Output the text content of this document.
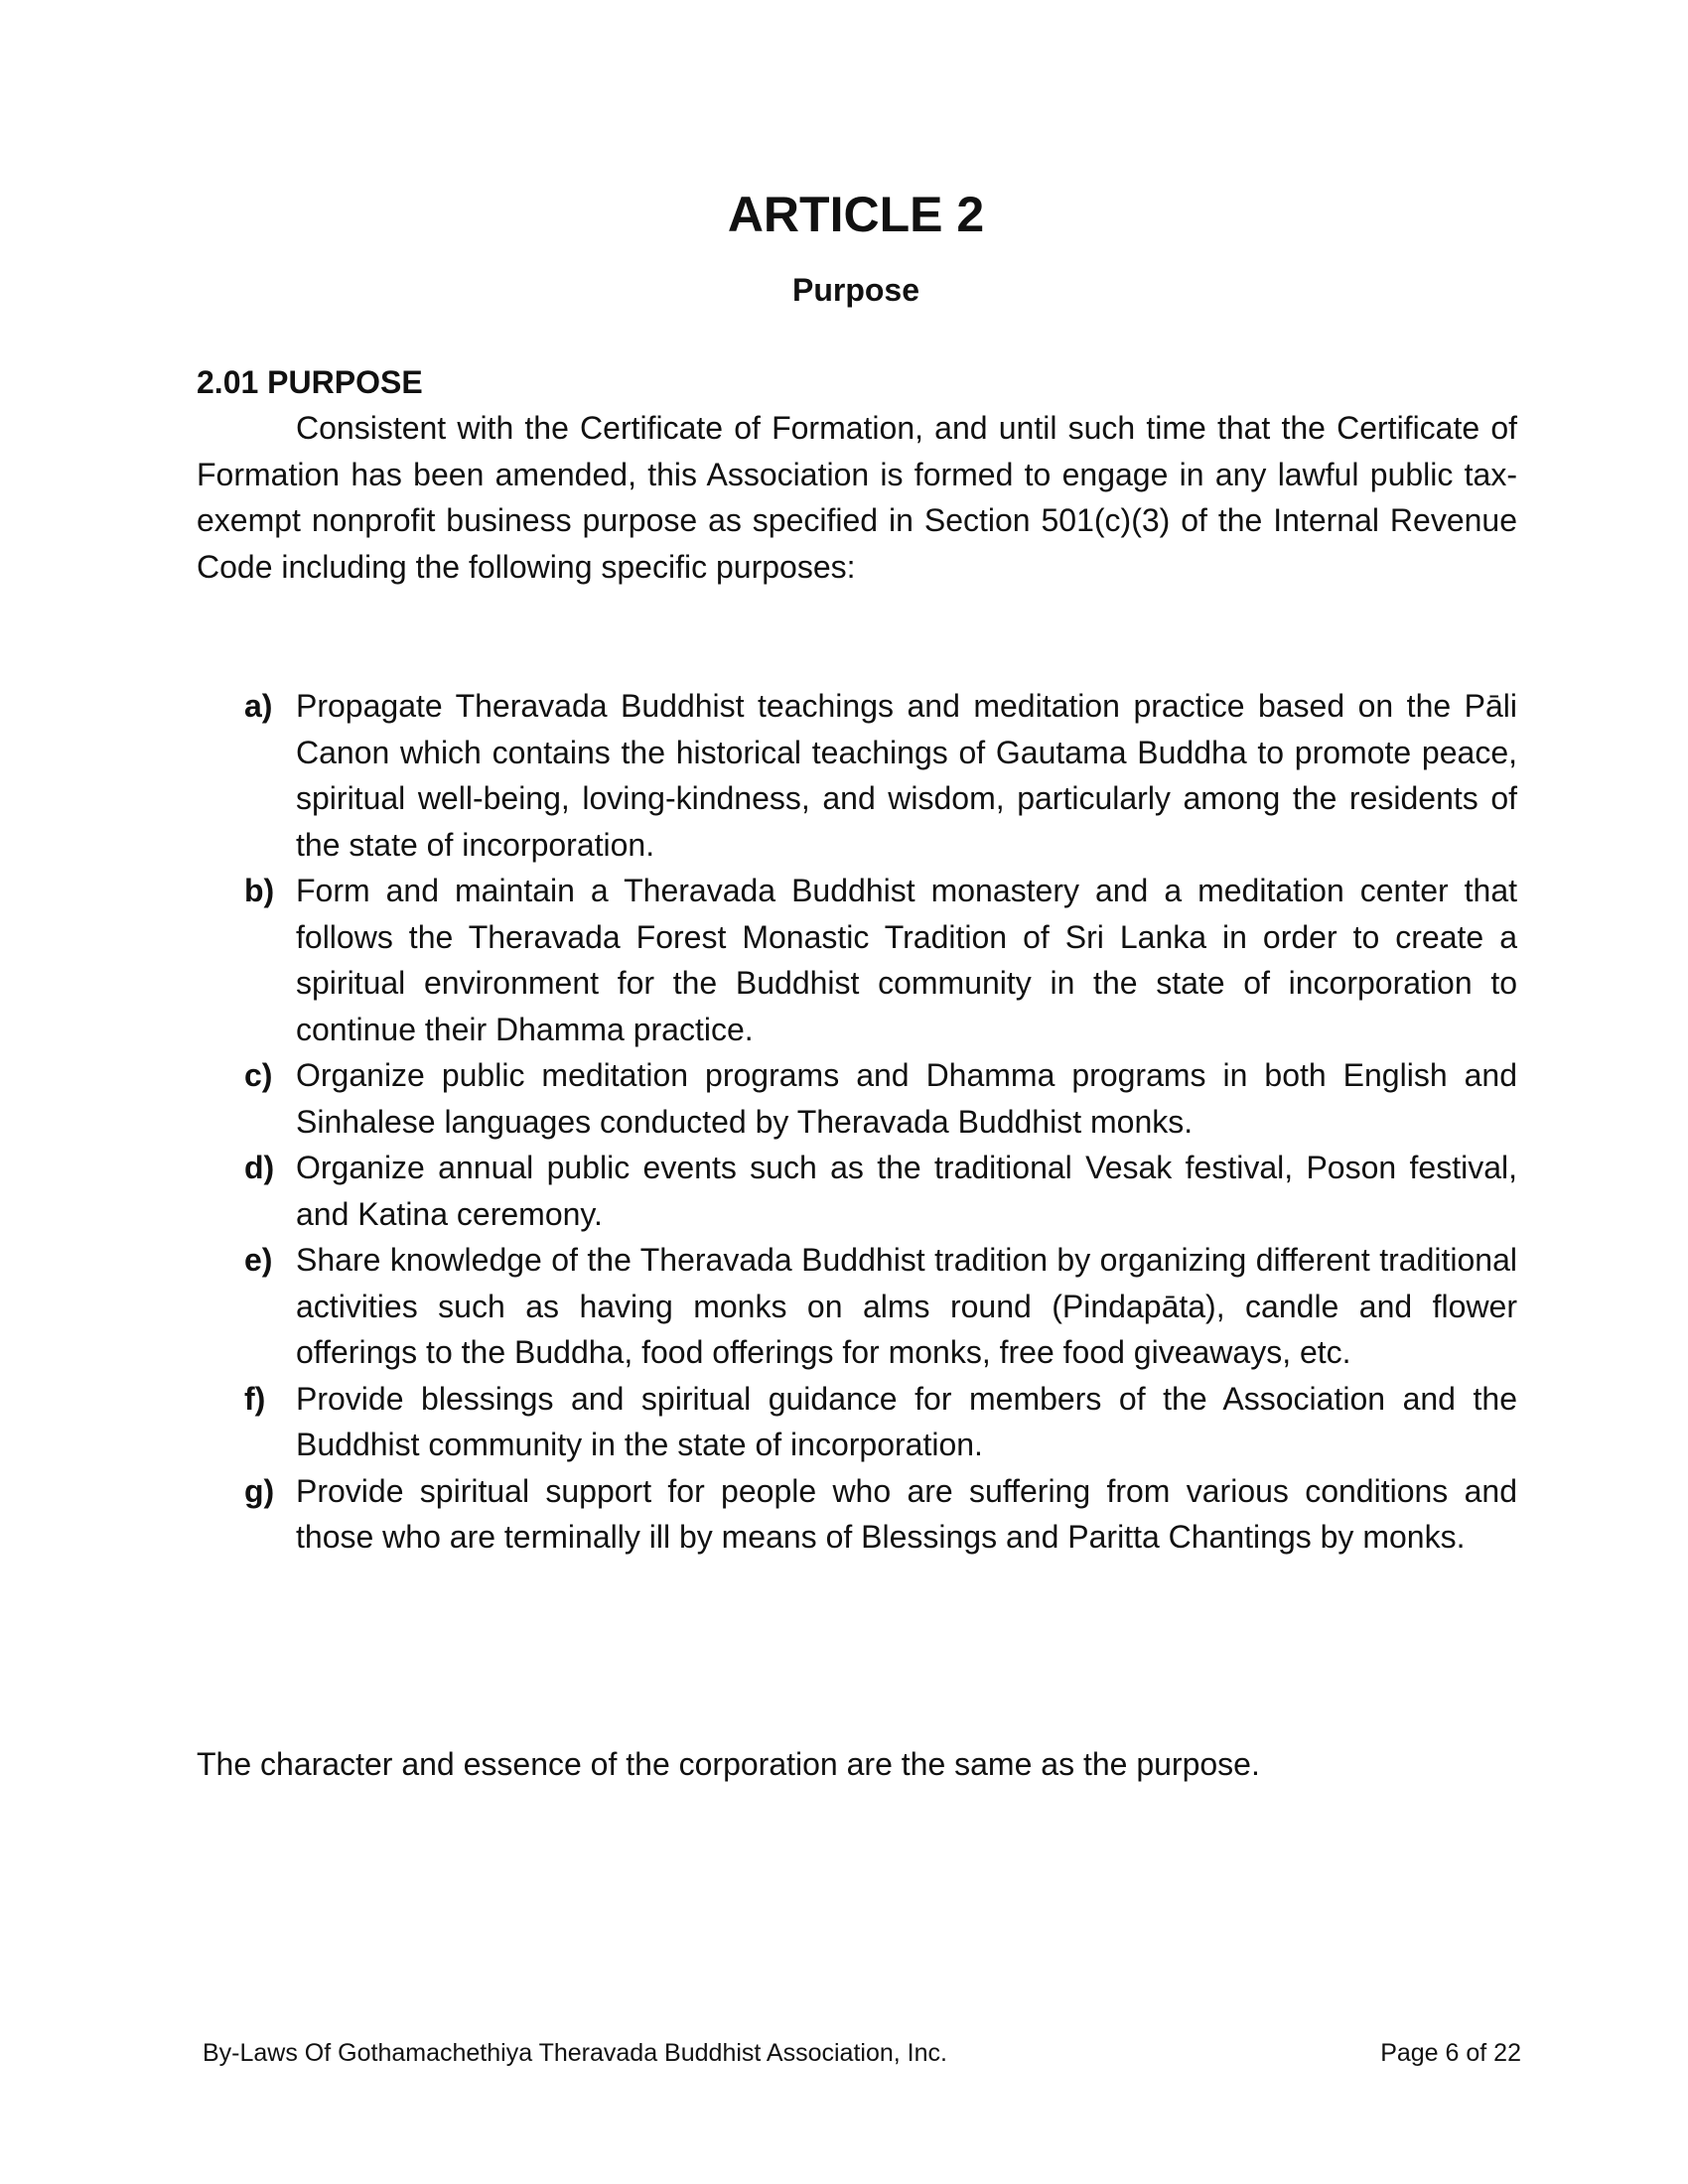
ARTICLE 2
Purpose
2.01 PURPOSE
Consistent with the Certificate of Formation, and until such time that the Certificate of Formation has been amended, this Association is formed to engage in any lawful public tax-exempt nonprofit business purpose as specified in Section 501(c)(3) of the Internal Revenue Code including the following specific purposes:
a) Propagate Theravada Buddhist teachings and meditation practice based on the Pāli Canon which contains the historical teachings of Gautama Buddha to promote peace, spiritual well-being, loving-kindness, and wisdom, particularly among the residents of the state of incorporation.
b) Form and maintain a Theravada Buddhist monastery and a meditation center that follows the Theravada Forest Monastic Tradition of Sri Lanka in order to create a spiritual environment for the Buddhist community in the state of incorporation to continue their Dhamma practice.
c) Organize public meditation programs and Dhamma programs in both English and Sinhalese languages conducted by Theravada Buddhist monks.
d) Organize annual public events such as the traditional Vesak festival, Poson festival, and Katina ceremony.
e) Share knowledge of the Theravada Buddhist tradition by organizing different traditional activities such as having monks on alms round (Pindapāta), candle and flower offerings to the Buddha, food offerings for monks, free food giveaways, etc.
f) Provide blessings and spiritual guidance for members of the Association and the Buddhist community in the state of incorporation.
g) Provide spiritual support for people who are suffering from various conditions and those who are terminally ill by means of Blessings and Paritta Chantings by monks.
The character and essence of the corporation are the same as the purpose.
By-Laws Of Gothamachethiya Theravada Buddhist Association, Inc.	Page 6 of 22
